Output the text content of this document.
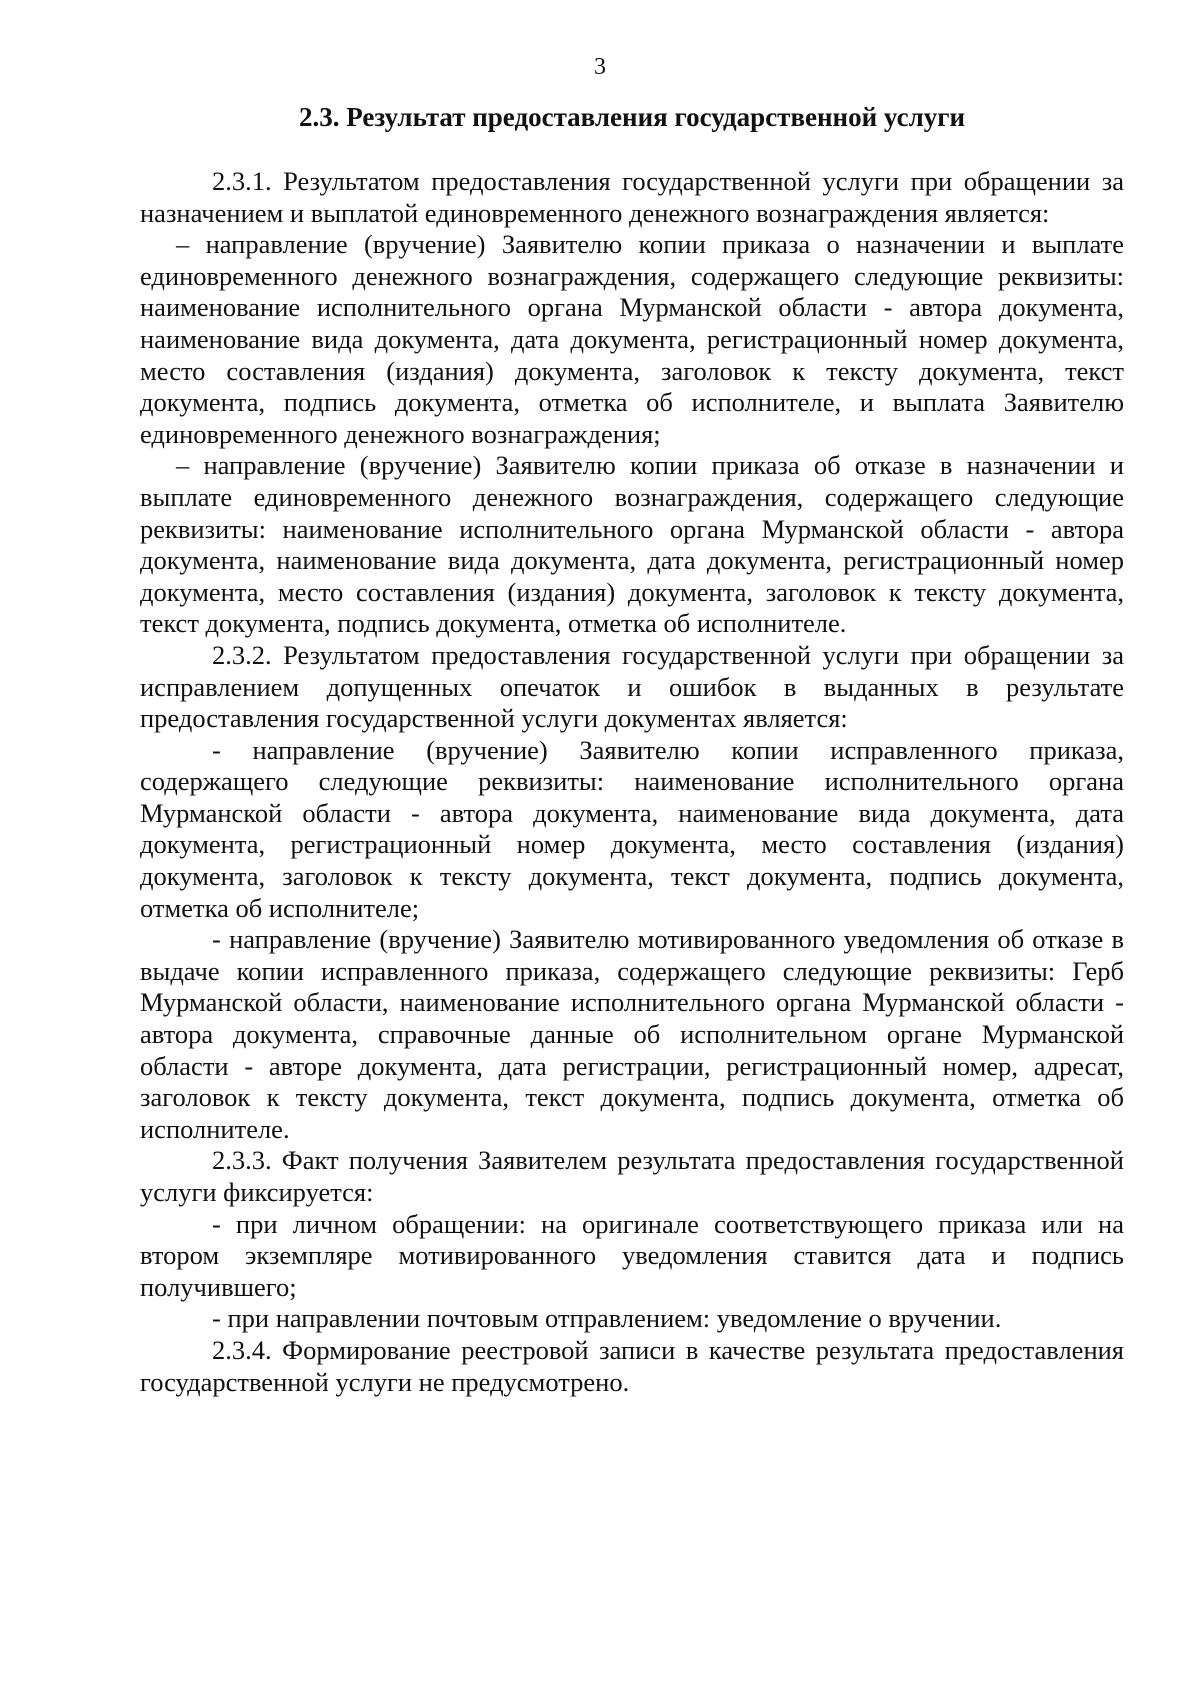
3
2.3. Результат предоставления государственной услуги

2.3.1. Результатом предоставления государственной услуги при обращении за назначением и выплатой единовременного денежного вознаграждения является:

– направление (вручение) Заявителю копии приказа о назначении и выплате единовременного денежного вознаграждения, содержащего следующие реквизиты: наименование исполнительного органа Мурманской области - автора документа, наименование вида документа, дата документа, регистрационный номер документа, место составления (издания) документа, заголовок к тексту документа, текст документа, подпись документа, отметка об исполнителе, и выплата Заявителю единовременного денежного вознаграждения;

– направление (вручение) Заявителю копии приказа об отказе в назначении и выплате единовременного денежного вознаграждения, содержащего следующие реквизиты: наименование исполнительного органа Мурманской области - автора документа, наименование вида документа, дата документа, регистрационный номер документа, место составления (издания) документа, заголовок к тексту документа, текст документа, подпись документа, отметка об исполнителе.

2.3.2. Результатом предоставления государственной услуги при обращении за исправлением допущенных опечаток и ошибок в выданных в результате предоставления государственной услуги документах является:

- направление (вручение) Заявителю копии исправленного приказа, содержащего следующие реквизиты: наименование исполнительного органа Мурманской области - автора документа, наименование вида документа, дата документа, регистрационный номер документа, место составления (издания) документа, заголовок к тексту документа, текст документа, подпись документа, отметка об исполнителе;

- направление (вручение) Заявителю мотивированного уведомления об отказе в выдаче копии исправленного приказа, содержащего следующие реквизиты: Герб Мурманской области, наименование исполнительного органа Мурманской области - автора документа, справочные данные об исполнительном органе Мурманской области - авторе документа, дата регистрации, регистрационный номер, адресат, заголовок к тексту документа, текст документа, подпись документа, отметка об исполнителе.

2.3.3. Факт получения Заявителем результата предоставления государственной услуги фиксируется:

- при личном обращении: на оригинале соответствующего приказа или на втором экземпляре мотивированного уведомления ставится дата и подпись получившего;

- при направлении почтовым отправлением: уведомление о вручении.

2.3.4. Формирование реестровой записи в качестве результата предоставления государственной услуги не предусмотрено.
